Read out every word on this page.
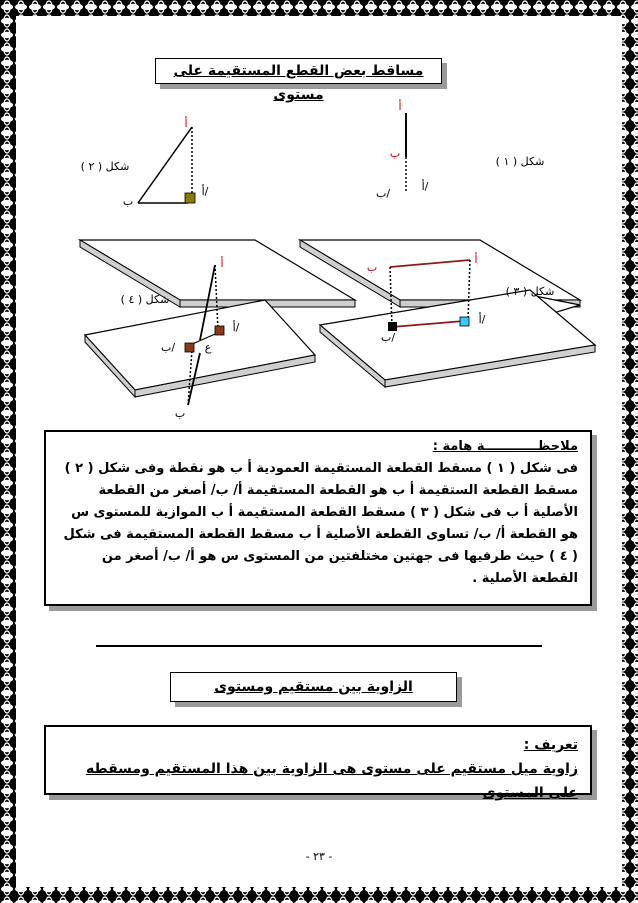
مساقط بعض القطع المستقيمة على مستوى
أ
ب
أ/
ب/
شكل ( ١ )
أ
ب
أ/
شكل ( ٢ )
ب
أ
أ/
ب/
شكل ( ٣ )
أ
ب
أ/
ب/	ع
شكل ( ٤ )

ملاحظــــــــــــة هامة :

فى شكل ( ١ ) مسقط القطعة المستقيمة العمودية أ ب هو نقطة وفى شكل ( ٢ )

مسقط القطعة الستقيمة أ ب هو القطعة المستقيمة أ/ ب/ أصغر من القطعة

الأصلية أ ب فى شكل ( ٣ ) مسقط القطعة المستقيمة أ ب الموازية للمستوى س

هو القطعة أ/ ب/ تساوى القطعة الأصلية أ ب مسقط القطعة المستقيمة فى شكل

( ٤ ) حيث طرفيها فى جهتين مختلفتين من المستوى س هو أ/ ب/ أصغر من

القطعة الأصلية .

الزاوية بين مستقيم ومستوى
تعريف :
زاوية ميل مستقيم على مستوى هى الزاوية بين هذا المستقيم ومسقطه على المستوى
- ٢٣ -
